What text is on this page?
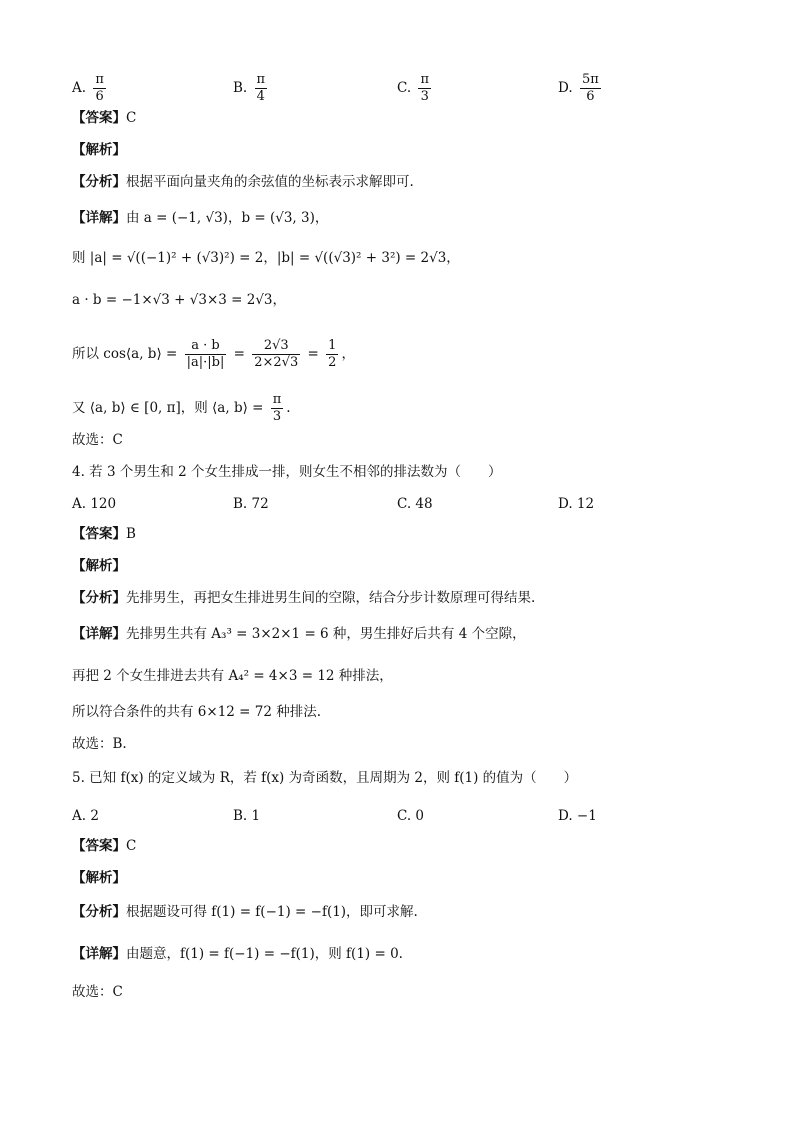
A. $\frac{\pi}{6}$	B. $\frac{\pi}{4}$	C. $\frac{\pi}{3}$	D. $\frac{5\pi}{6}$
【答案】C
【解析】
【分析】根据平面向量夹角的余弦值的坐标表示求解即可.
【详解】由 a = (−1, √3)，b = (√3, 3)，
则 |a| = √((−1)² + (√3)²) = 2，|b| = √((√3)² + 3²) = 2√3，
a · b = −1×√3 + √3×3 = 2√3，
所以 cos⟨a, b⟩ = $\frac{a \cdot b}{|a|\cdot|b|} = \frac{2√3}{2\times 2√3} = \frac{1}{2}$ ，
又 ⟨a, b⟩ ∈ [0, π]，则 ⟨a, b⟩ = $\frac{\pi}{3}$ .
故选：C
4. 若 3 个男生和 2 个女生排成一排，则女生不相邻的排法数为（　　）
A. 120	B. 72	C. 48	D. 12
【答案】B
【解析】
【分析】先排男生，再把女生排进男生间的空隙，结合分步计数原理可得结果.
【详解】先排男生共有 A₃³ = 3×2×1 = 6 种，男生排好后共有 4 个空隙，
再把 2 个女生排进去共有 A₄² = 4×3 = 12 种排法，
所以符合条件的共有 6×12 = 72 种排法.
故选：B.
5. 已知 f(x) 的定义域为 R，若 f(x) 为奇函数，且周期为 2，则 f(1) 的值为（　　）
A. 2	B. 1	C. 0	D. −1
【答案】C
【解析】
【分析】根据题设可得 f(1) = f(−1) = −f(1)，即可求解.
【详解】由题意，f(1) = f(−1) = −f(1)，则 f(1) = 0.
故选：C
